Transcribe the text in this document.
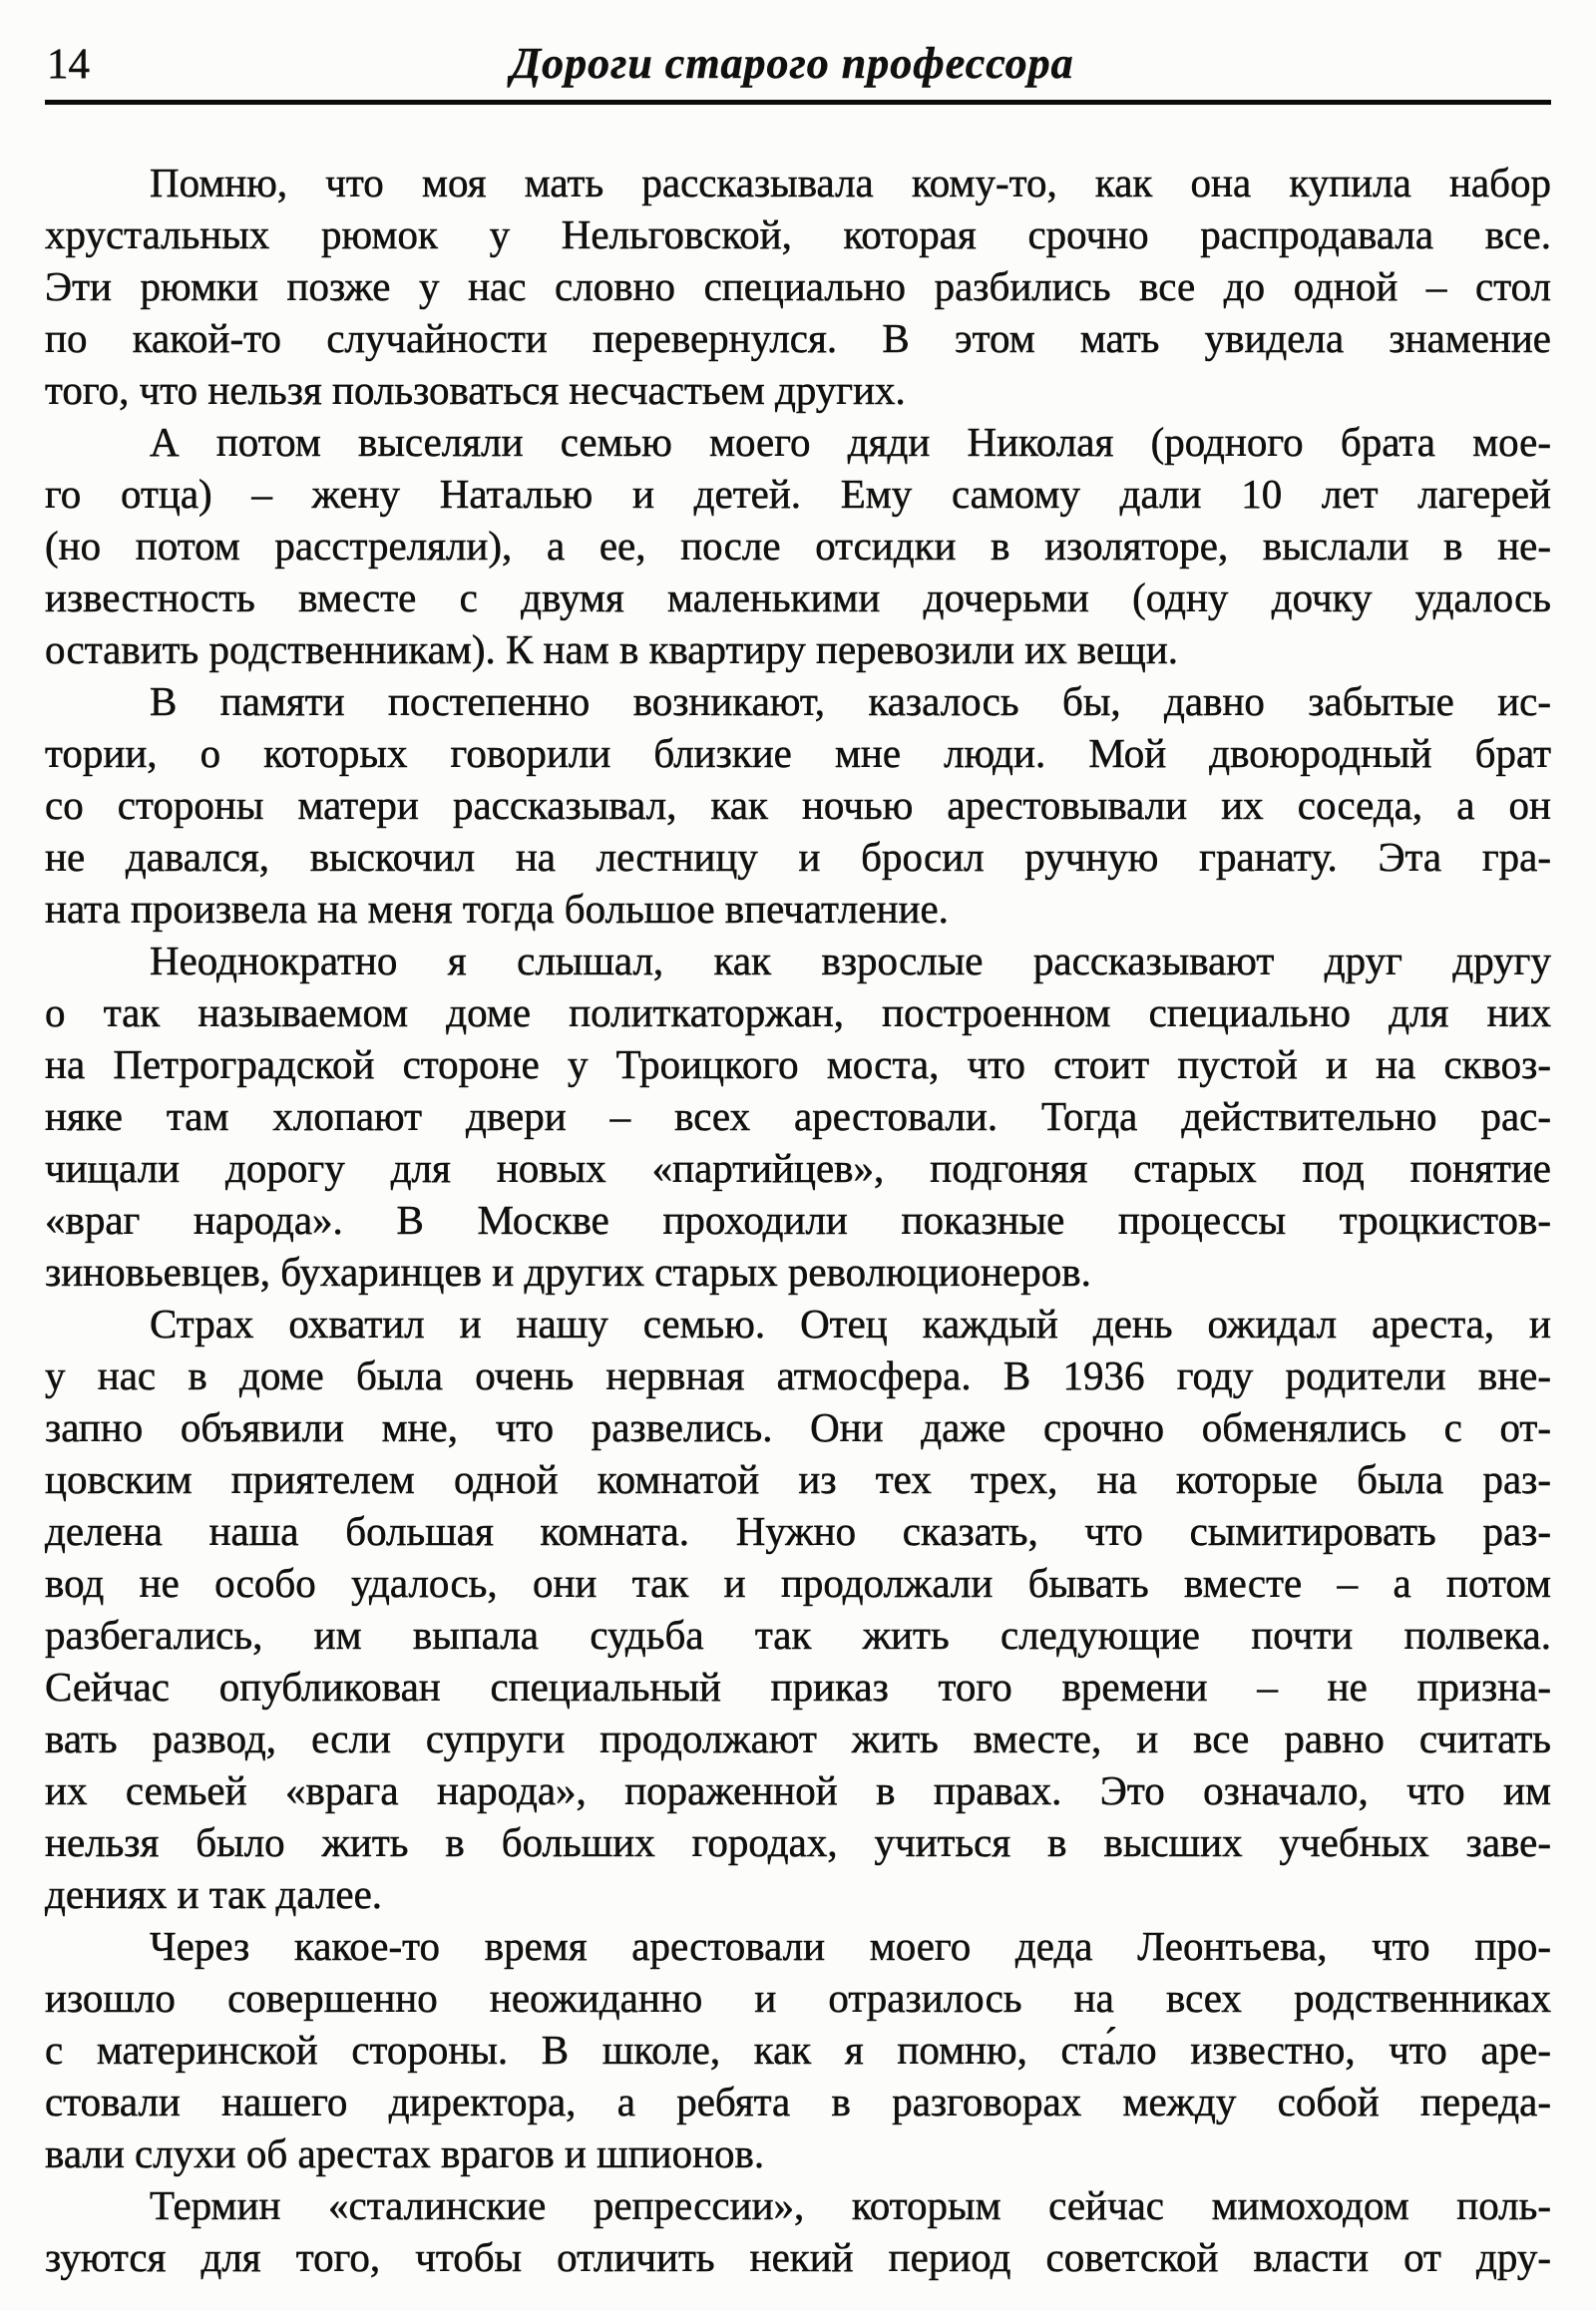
14	Дороги старого профессора
Помню, что моя мать рассказывала кому-то, как она купила набор
хрустальных рюмок у Нельговской, которая срочно распродавала все.
Эти рюмки позже у нас словно специально разбились все до одной – стол
по какой-то случайности перевернулся. В этом мать увидела знамение
того, что нельзя пользоваться несчастьем других.
А потом выселяли семью моего дяди Николая (родного брата мое-
го отца) – жену Наталью и детей. Ему самому дали 10 лет лагерей
(но потом расстреляли), а ее, после отсидки в изоляторе, выслали в не-
известность вместе с двумя маленькими дочерьми (одну дочку удалось
оставить родственникам). К нам в квартиру перевозили их вещи.
В памяти постепенно возникают, казалось бы, давно забытые ис-
тории, о которых говорили близкие мне люди. Мой двоюродный брат
со стороны матери рассказывал, как ночью арестовывали их соседа, а он
не давался, выскочил на лестницу и бросил ручную гранату. Эта гра-
ната произвела на меня тогда большое впечатление.
Неоднократно я слышал, как взрослые рассказывают друг другу
о так называемом доме политкаторжан, построенном специально для них
на Петроградской стороне у Троицкого моста, что стоит пустой и на сквоз-
няке там хлопают двери – всех арестовали. Тогда действительно рас-
чищали дорогу для новых «партийцев», подгоняя старых под понятие
«враг народа». В Москве проходили показные процессы троцкистов-
зиновьевцев, бухаринцев и других старых революционеров.
Страх охватил и нашу семью. Отец каждый день ожидал ареста, и
у нас в доме была очень нервная атмосфера. В 1936 году родители вне-
запно объявили мне, что развелись. Они даже срочно обменялись с от-
цовским приятелем одной комнатой из тех трех, на которые была раз-
делена наша большая комната. Нужно сказать, что сымитировать раз-
вод не особо удалось, они так и продолжали бывать вместе – а потом
разбегались, им выпала судьба так жить следующие почти полвека.
Сейчас опубликован специальный приказ того времени – не призна-
вать развод, если супруги продолжают жить вместе, и все равно считать
их семьей «врага народа», пораженной в правах. Это означало, что им
нельзя было жить в больших городах, учиться в высших учебных заве-
дениях и так далее.
Через какое-то время арестовали моего деда Леонтьева, что про-
изошло совершенно неожиданно и отразилось на всех родственниках
с материнской стороны. В школе, как я помню, ста́ло известно, что аре-
стовали нашего директора, а ребята в разговорах между собой переда-
вали слухи об арестах врагов и шпионов.
Термин «сталинские репрессии», которым сейчас мимоходом поль-
зуются для того, чтобы отличить некий период советской власти от дру-
